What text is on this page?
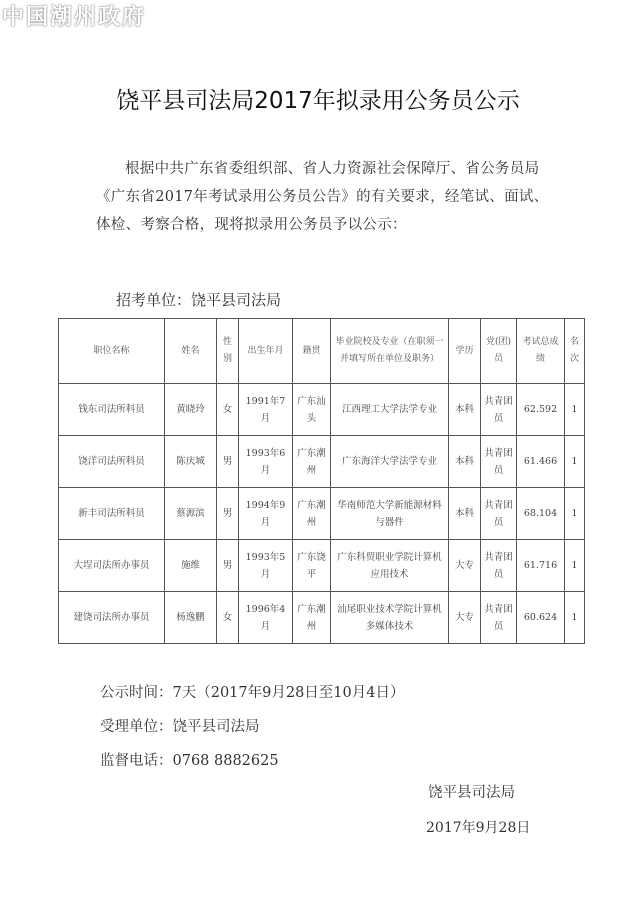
中国潮州政府
饶平县司法局2017年拟录用公务员公示
根据中共广东省委组织部、省人力资源社会保障厅、省公务员局《广东省2017年考试录用公务员公告》的有关要求，经笔试、面试、体检、考察合格，现将拟录用公务员予以公示：
招考单位：饶平县司法局
职位名称	姓名	性别	出生年月	籍贯	毕业院校及专业（在职须一并填写所在单位及职务）	学历	党(团)员	考试总成绩	名次
钱东司法所科员	黄晓玲	女	1991年7月	广东汕头	江西理工大学法学专业	本科	共青团员	62.592	1
饶洋司法所科员	陈庆城	男	1993年6月	广东潮州	广东海洋大学法学专业	本科	共青团员	61.466	1
新丰司法所科员	蔡源滨	男	1994年9月	广东潮州	华南师范大学新能源材料与器件	本科	共青团员	68.104	1
大埕司法所办事员	施维	男	1993年5月	广东饶平	广东科贸职业学院计算机应用技术	大专	共青团员	61.716	1
建饶司法所办事员	杨逸鹏	女	1996年4月	广东潮州	汕尾职业技术学院计算机多媒体技术	大专	共青团员	60.624	1
公示时间：7天（2017年9月28日至10月4日）
受理单位：饶平县司法局
监督电话：0768 8882625
饶平县司法局
2017年9月28日
